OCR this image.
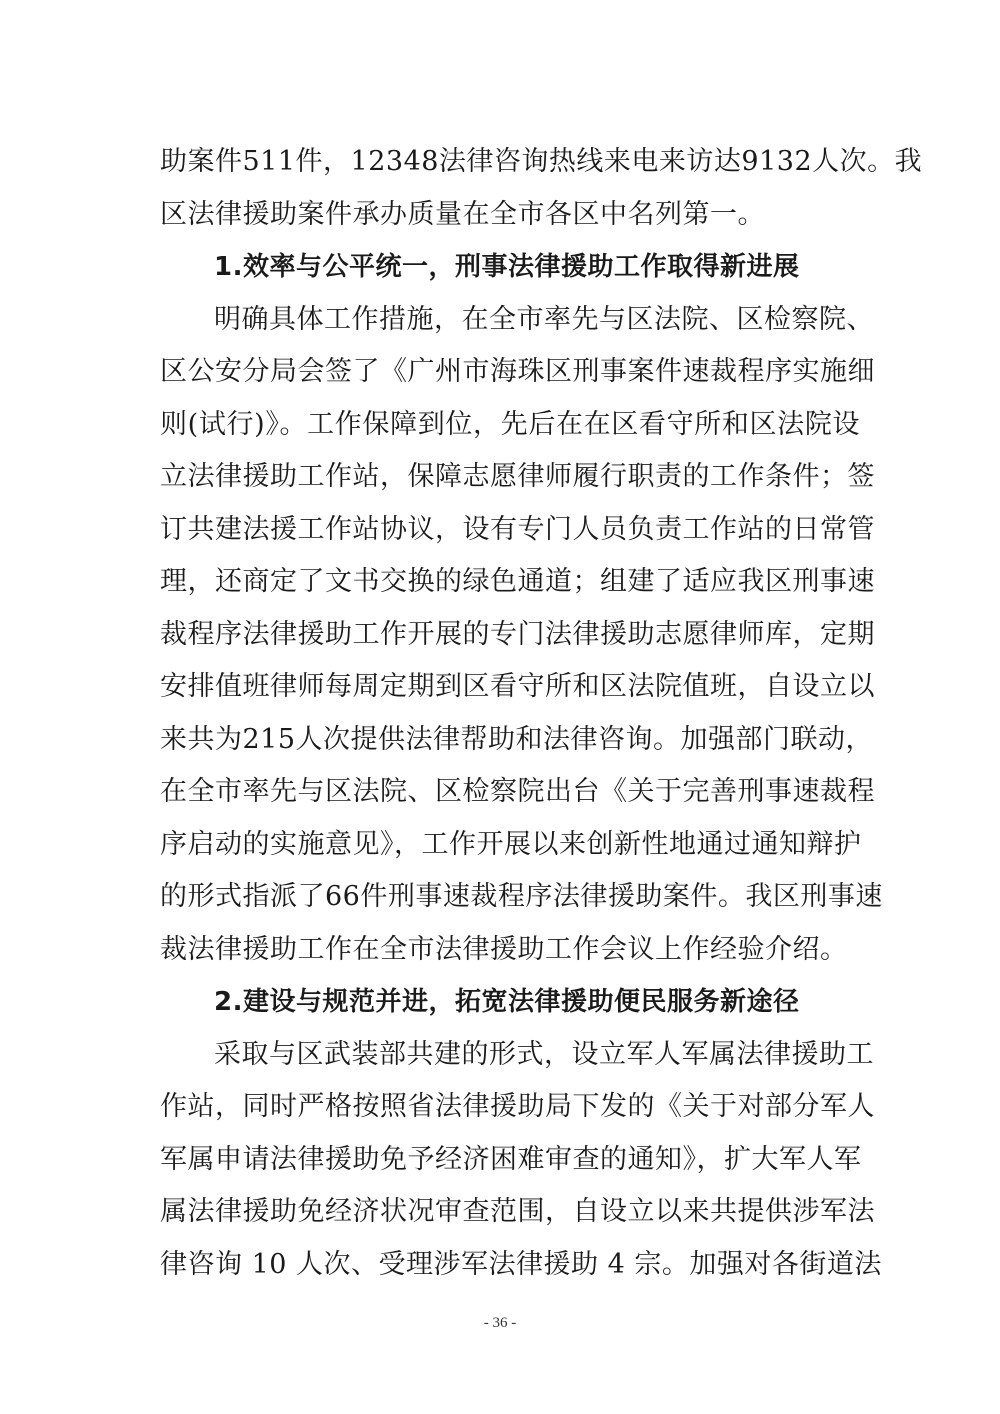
助案件511件，12348法律咨询热线来电来访达9132人次。我
区法律援助案件承办质量在全市各区中名列第一。
1.效率与公平统一，刑事法律援助工作取得新进展
明确具体工作措施，在全市率先与区法院、区检察院、
区公安分局会签了《广州市海珠区刑事案件速裁程序实施细
则(试行)》。工作保障到位，先后在在区看守所和区法院设
立法律援助工作站，保障志愿律师履行职责的工作条件；签
订共建法援工作站协议，设有专门人员负责工作站的日常管
理，还商定了文书交换的绿色通道；组建了适应我区刑事速
裁程序法律援助工作开展的专门法律援助志愿律师库，定期
安排值班律师每周定期到区看守所和区法院值班，自设立以
来共为215人次提供法律帮助和法律咨询。加强部门联动，
在全市率先与区法院、区检察院出台《关于完善刑事速裁程
序启动的实施意见》，工作开展以来创新性地通过通知辩护
的形式指派了66件刑事速裁程序法律援助案件。我区刑事速
裁法律援助工作在全市法律援助工作会议上作经验介绍。
2.建设与规范并进，拓宽法律援助便民服务新途径
采取与区武装部共建的形式，设立军人军属法律援助工
作站，同时严格按照省法律援助局下发的《关于对部分军人
军属申请法律援助免予经济困难审查的通知》，扩大军人军
属法律援助免经济状况审查范围，自设立以来共提供涉军法
律咨询 10 人次、受理涉军法律援助 4 宗。加强对各街道法
- 36 -
